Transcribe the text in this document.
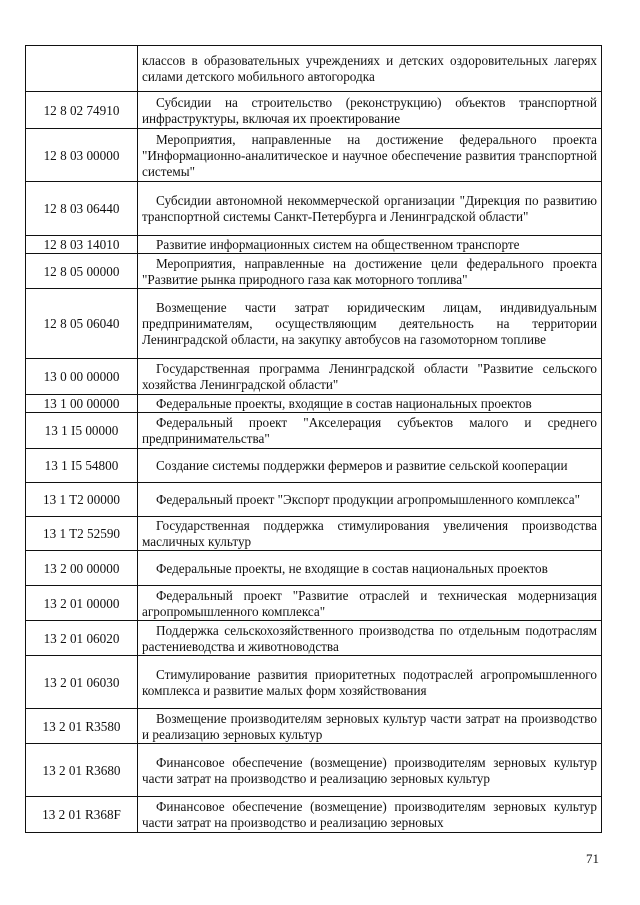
	классов в образовательных учреждениях и детских оздоровительных лагерях силами детского мобильного автогородка
12 8 02 74910	Субсидии на строительство (реконструкцию) объектов транспортной инфраструктуры, включая их проектирование
12 8 03 00000	Мероприятия, направленные на достижение федерального проекта "Информационно-аналитическое и научное обеспечение развития транспортной системы"
12 8 03 06440	Субсидии автономной некоммерческой организации "Дирекция по развитию транспортной системы Санкт-Петербурга и Ленинградской области"
12 8 03 14010	Развитие информационных систем на общественном транспорте
12 8 05 00000	Мероприятия, направленные на достижение цели федерального проекта "Развитие рынка природного газа как моторного топлива"
12 8 05 06040	Возмещение части затрат юридическим лицам, индивидуальным предпринимателям, осуществляющим деятельность на территории Ленинградской области, на закупку автобусов на газомоторном топливе
13 0 00 00000	Государственная программа Ленинградской области "Развитие сельского хозяйства Ленинградской области"
13 1 00 00000	Федеральные проекты, входящие в состав национальных проектов
13 1 I5 00000	Федеральный проект "Акселерация субъектов малого и среднего предпринимательства"
13 1 I5 54800	Создание системы поддержки фермеров и развитие сельской кооперации
13 1 T2 00000	Федеральный проект "Экспорт продукции агропромышленного комплекса"
13 1 T2 52590	Государственная поддержка стимулирования увеличения производства масличных культур
13 2 00 00000	Федеральные проекты, не входящие в состав национальных проектов
13 2 01 00000	Федеральный проект "Развитие отраслей и техническая модернизация агропромышленного комплекса"
13 2 01 06020	Поддержка сельскохозяйственного производства по отдельным подотраслям растениеводства и животноводства
13 2 01 06030	Стимулирование развития приоритетных подотраслей агропромышленного комплекса и развитие малых форм хозяйствования
13 2 01 R3580	Возмещение производителям зерновых культур части затрат на производство и реализацию зерновых культур
13 2 01 R3680	Финансовое обеспечение (возмещение) производителям зерновых культур части затрат на производство и реализацию зерновых культур
13 2 01 R368F	Финансовое обеспечение (возмещение) производителям зерновых культур части затрат на производство и реализацию зерновых
71
